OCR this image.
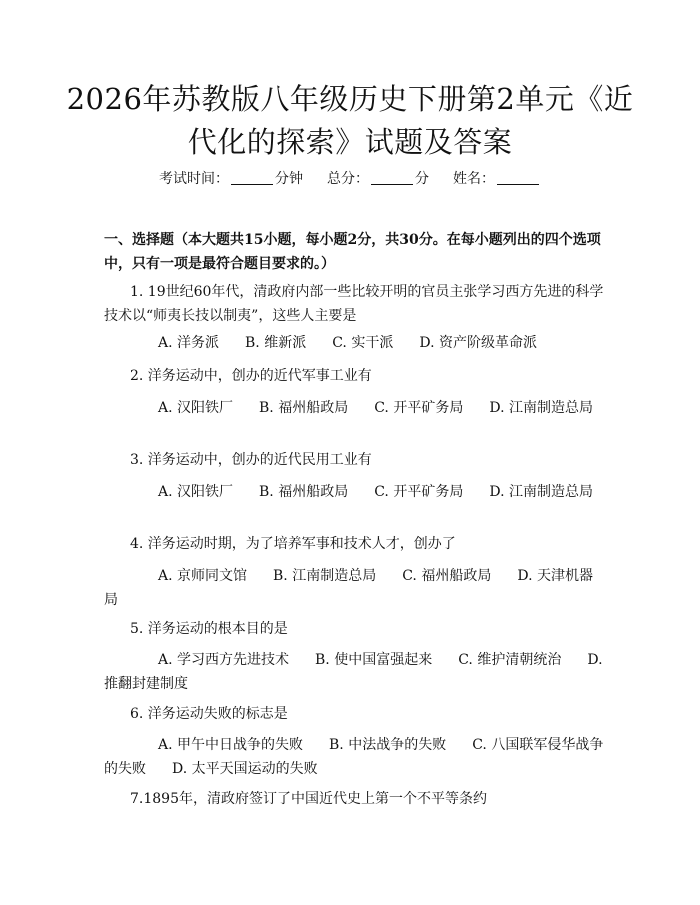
2026年苏教版八年级历史下册第2单元《近
代化的探索》试题及答案
考试时间：	分钟 总分：	分 姓名：
一、选择题（本大题共15小题，每小题2分，共30分。在每小题列出的四个选项中，只有一项是最符合题目要求的。）
1. 19世纪60年代，清政府内部一些比较开明的官员主张学习西方先进的科学技术以“师夷长技以制夷”，这些人主要是
A. 洋务派 B. 维新派 C. 实干派 D. 资产阶级革命派
2. 洋务运动中，创办的近代军事工业有
A. 汉阳铁厂 B. 福州船政局 C. 开平矿务局 D. 江南制造总局
3. 洋务运动中，创办的近代民用工业有
A. 汉阳铁厂 B. 福州船政局 C. 开平矿务局 D. 江南制造总局
4. 洋务运动时期，为了培养军事和技术人才，创办了
A. 京师同文馆 B. 江南制造总局 C. 福州船政局 D. 天津机器局
5. 洋务运动的根本目的是
A. 学习西方先进技术 B. 使中国富强起来 C. 维护清朝统治 D. 推翻封建制度
6. 洋务运动失败的标志是
A. 甲午中日战争的失败 B. 中法战争的失败 C. 八国联军侵华战争的失败 D. 太平天国运动的失败
7.1895年，清政府签订了中国近代史上第一个不平等条约
